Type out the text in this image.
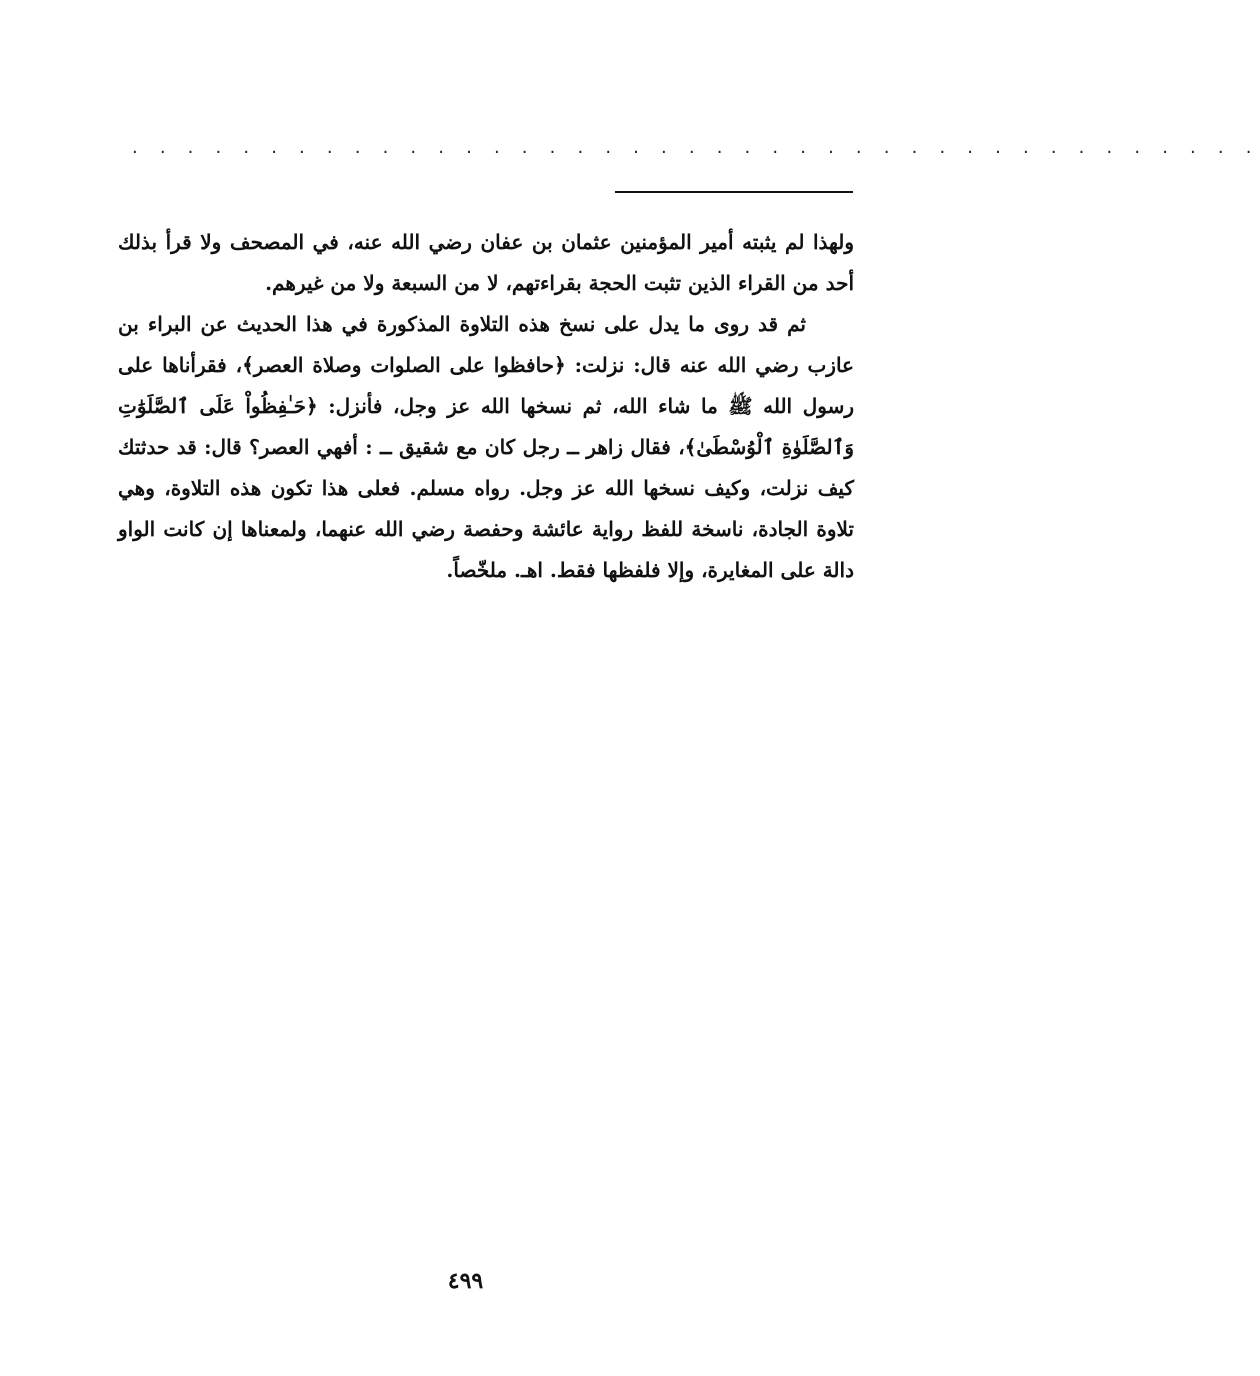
. . . . . . . . . . . . . . . . . . . . . . . . . . . . . . . . . . . . . . . . .

ولهذا لم يثبته أمير المؤمنين عثمان بن عفان رضي الله عنه، في المصحف ولا قرأ بذلك أحد من القراء الذين تثبت الحجة بقراءتهم، لا من السبعة ولا من غيرهم.

ثم قد روى ما يدل على نسخ هذه التلاوة المذكورة في هذا الحديث عن البراء بن عازب رضي الله عنه قال: نزلت: ﴿حافظوا على الصلوات وصلاة العصر﴾، فقرأناها على رسول الله ﷺ ما شاء الله، ثم نسخها الله عز وجل، فأنزل: ﴿حَـٰفِظُواْ عَلَى ٱلصَّلَوَٰتِ وَٱلصَّلَوٰةِ ٱلْوُسْطَىٰ﴾، فقال زاهر ــ رجل كان مع شقيق ــ : أفهي العصر؟ قال: قد حدثتك كيف نزلت، وكيف نسخها الله عز وجل. رواه مسلم. فعلى هذا تكون هذه التلاوة، وهي تلاوة الجادة، ناسخة للفظ رواية عائشة وحفصة رضي الله عنهما، ولمعناها إن كانت الواو دالة على المغايرة، وإلا فلفظها فقط. اهـ. ملخّصاً.

٤٩٩
